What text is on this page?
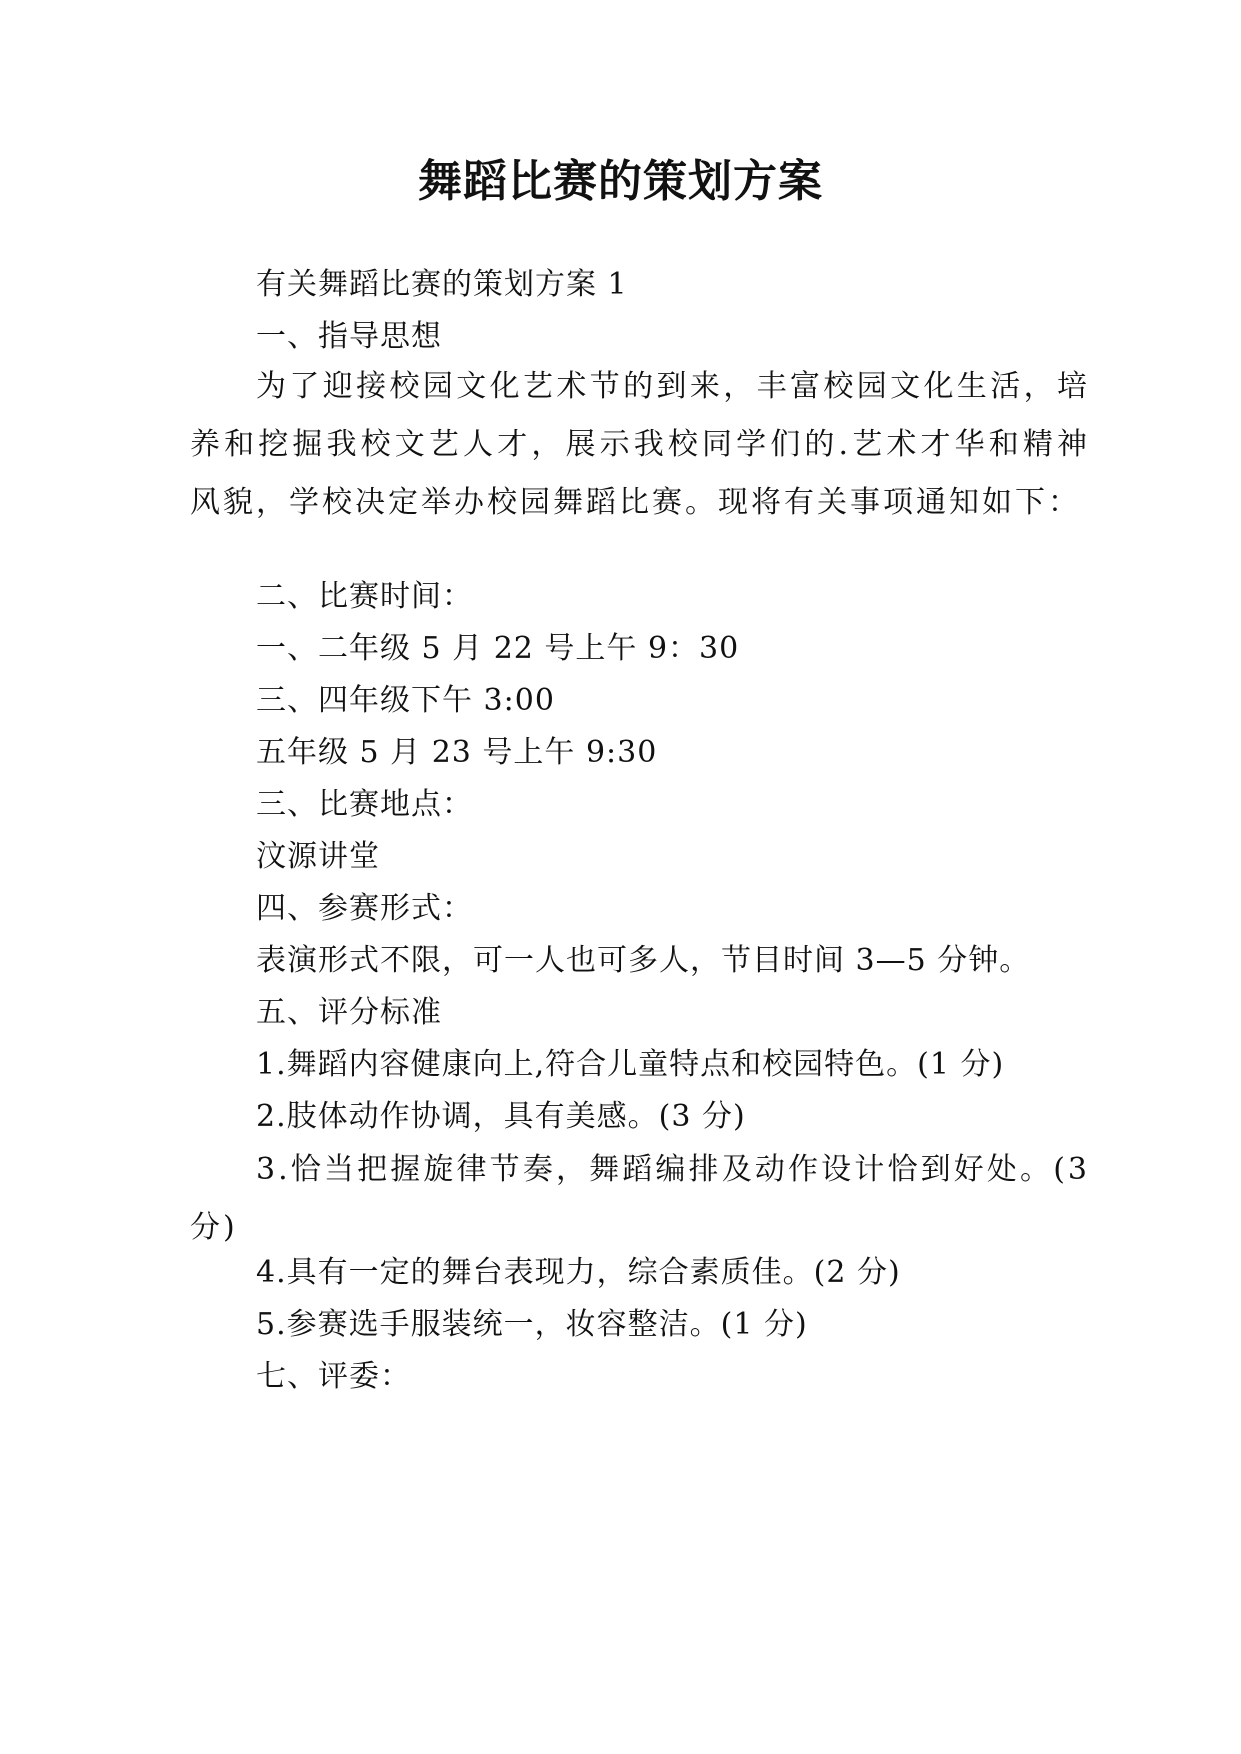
舞蹈比赛的策划方案
有关舞蹈比赛的策划方案 1
一、指导思想
为了迎接校园文化艺术节的到来，丰富校园文化生活，培养和挖掘我校文艺人才，展示我校同学们的.艺术才华和精神风貌，学校决定举办校园舞蹈比赛。现将有关事项通知如下：
二、比赛时间：
一、二年级 5 月 22 号上午 9：30
三、四年级下午 3:00
五年级 5 月 23 号上午 9:30
三、比赛地点：
汶源讲堂
四、参赛形式：
表演形式不限，可一人也可多人，节目时间 3—5 分钟。
五、评分标准
1.舞蹈内容健康向上,符合儿童特点和校园特色。(1 分)
2.肢体动作协调，具有美感。(3 分)
3.恰当把握旋律节奏，舞蹈编排及动作设计恰到好处。(3 分)
4.具有一定的舞台表现力，综合素质佳。(2 分)
5.参赛选手服装统一，妆容整洁。(1 分)
七、评委：
